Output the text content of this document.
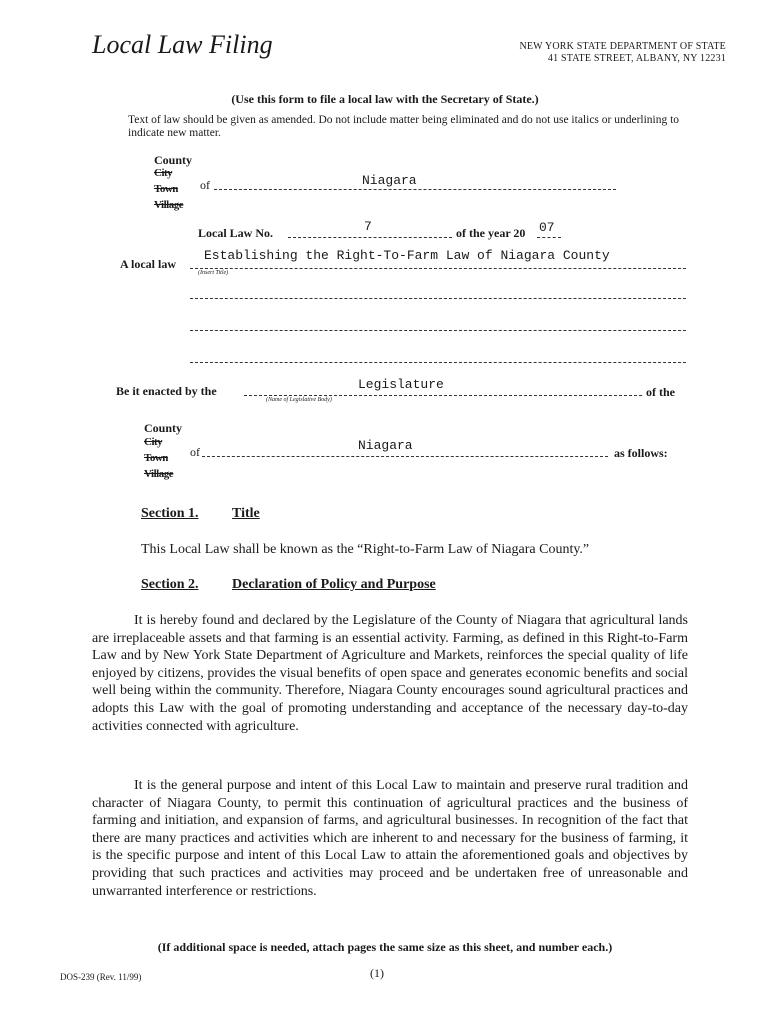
Local Law Filing	NEW YORK STATE DEPARTMENT OF STATE
41 STATE STREET, ALBANY, NY 12231
(Use this form to file a local law with the Secretary of State.)
Text of law should be given as amended. Do not include matter being eliminated and do not use italics or underlining to indicate new matter.
County
City
Town
Village
of	Niagara
Local Law No.	7	of the year 20 07
A local law
Establishing the Right-To-Farm Law of Niagara County
(Insert Title)
Be it enacted by the	Legislature
(Name of Legislative Body)
of the
County
City
Town
Village
of	Niagara	as follows:
Section 1. Title
This Local Law shall be known as the “Right-to-Farm Law of Niagara County.”
Section 2. Declaration of Policy and Purpose
It is hereby found and declared by the Legislature of the County of Niagara that agricultural lands are irreplaceable assets and that farming is an essential activity. Farming, as defined in this Right-to-Farm Law and by New York State Department of Agriculture and Markets, reinforces the special quality of life enjoyed by citizens, provides the visual benefits of open space and generates economic benefits and social well being within the community. Therefore, Niagara County encourages sound agricultural practices and adopts this Law with the goal of promoting understanding and acceptance of the necessary day-to-day activities connected with agriculture.
It is the general purpose and intent of this Local Law to maintain and preserve rural tradition and character of Niagara County, to permit this continuation of agricultural practices and the business of farming and initiation, and expansion of farms, and agricultural businesses. In recognition of the fact that there are many practices and activities which are inherent to and necessary for the business of farming, it is the specific purpose and intent of this Local Law to attain the aforementioned goals and objectives by providing that such practices and activities may proceed and be undertaken free of unreasonable and unwarranted interference or restrictions.
(If additional space is needed, attach pages the same size as this sheet, and number each.)
DOS-239 (Rev. 11/99)	(1)
